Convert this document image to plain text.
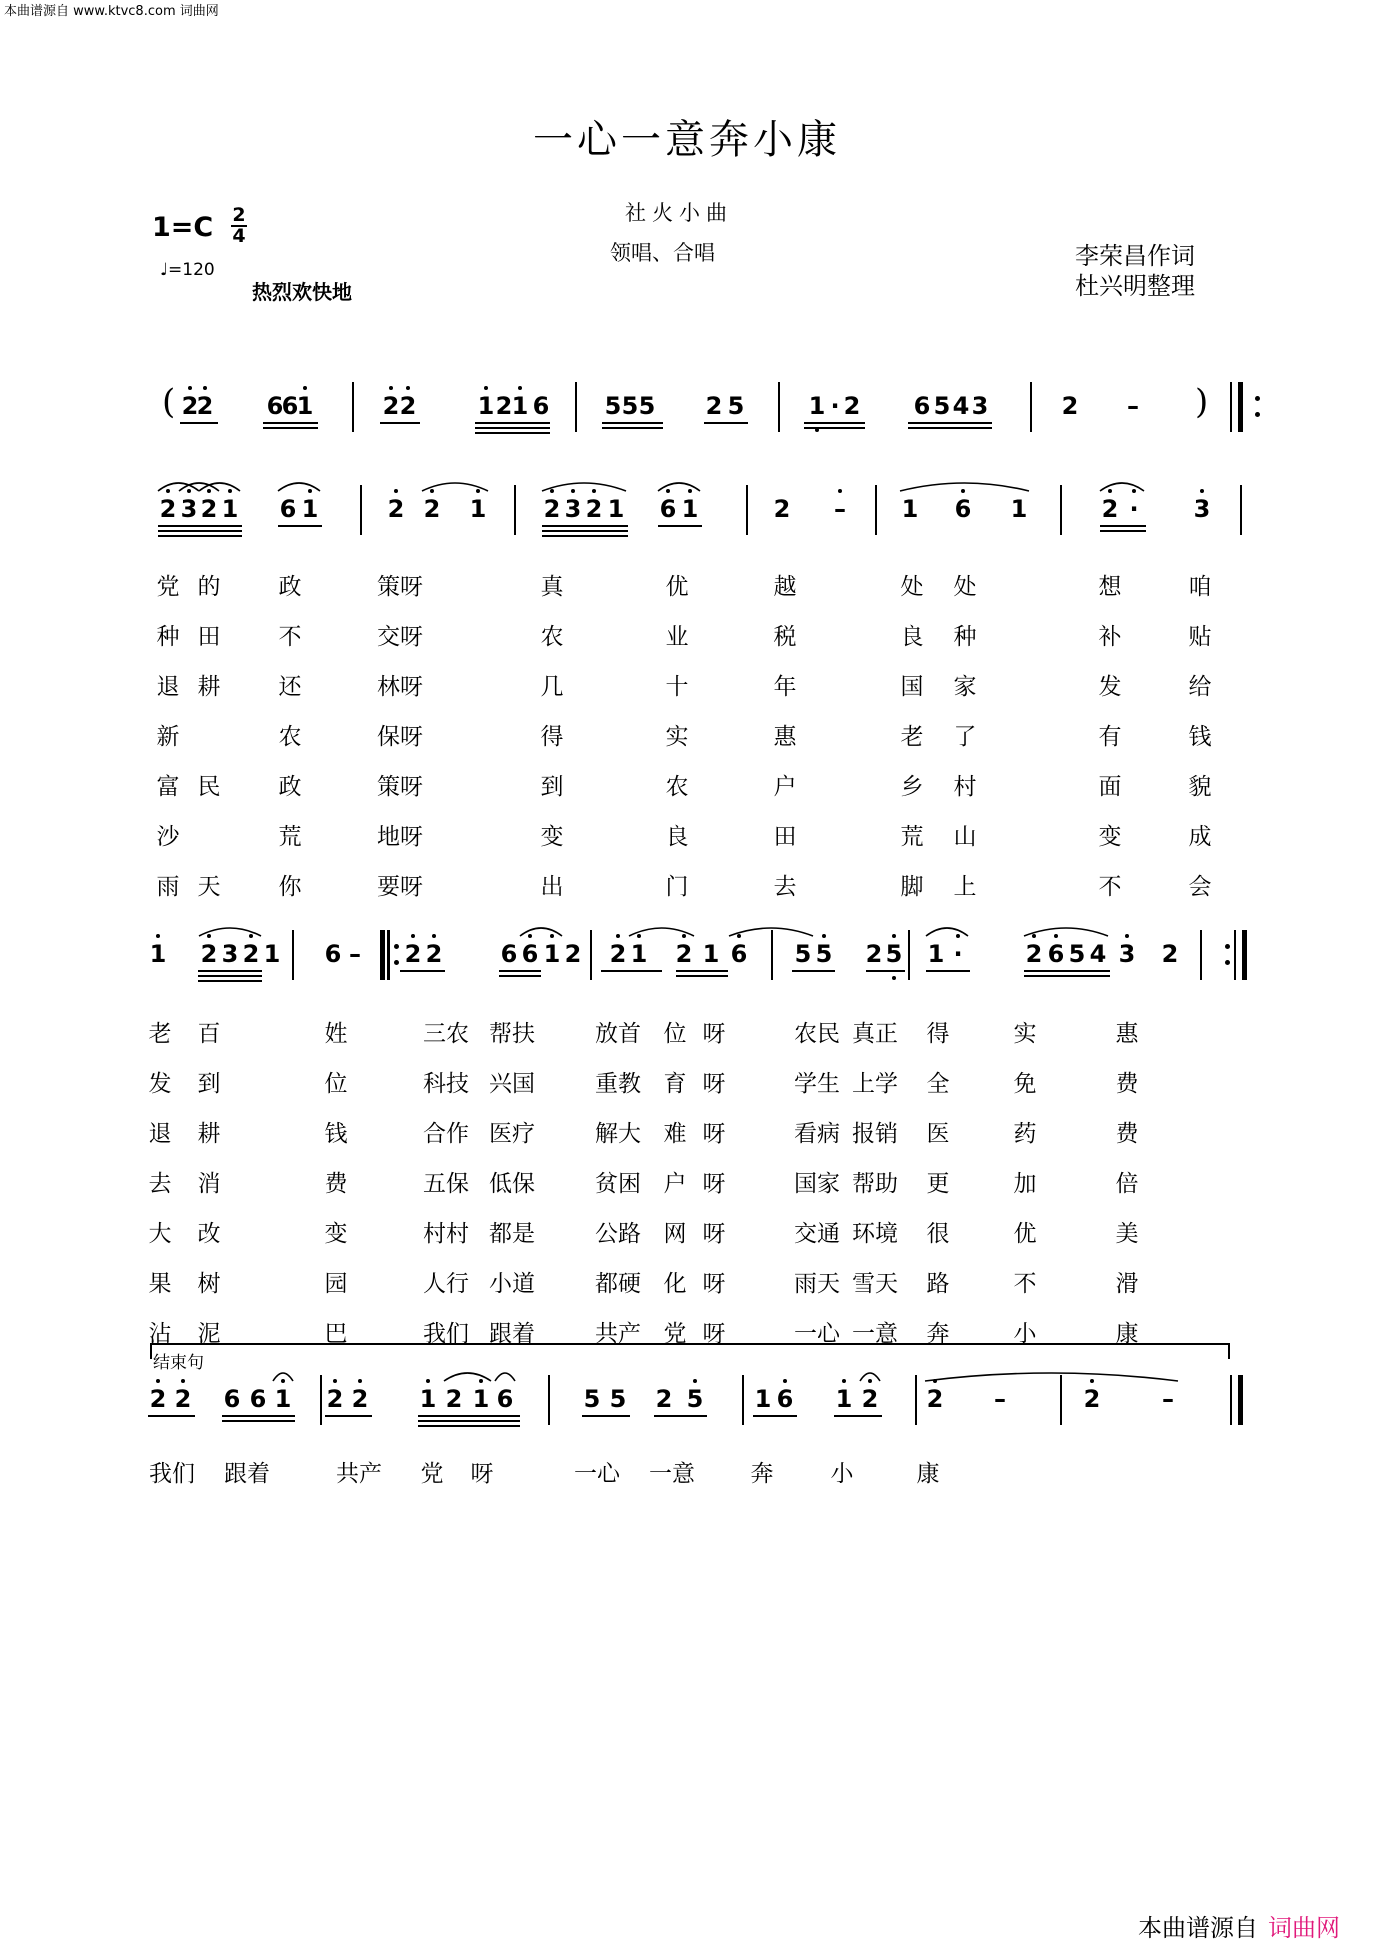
本曲谱源自 www.ktvc8.com 词曲网
一心一意奔小康
社火小曲
领唱、合唱
1=C 2
4
♩=120
热烈欢快地
李荣昌作词
杜兴明整理
2
2 6
6
1	2 2	1 2 1 6 5 5 5 2 5	1 · 2 6 5 4 3	2 –
(	)
2 3 2 1 6 1	2 2 1 2 3 2 1 6 1	2 – 1 6 1	2 · 3
党 的	政	策呀	真	优	越	处 处	想	咱
种 田	不	交呀	农	业	税	良 种	补	贴
退 耕	还	林呀	几	十	年	国 家	发	给
新	农	保呀	得	实	惠	老 了	有	钱
富 民	政	策呀	到	农	户	乡 村	面	貌
沙	荒	地呀	变	良	田	荒 山	变	成
雨 天	你	要呀	出	门	去	脚 上	不	会
1 2 3 2 1 6 – 2 2 6 6 1 2 2 1 2 1 6 5 5 2 5 1 ·	2 6 5 4 3 2
老 百	姓	三农 帮扶	放首 位 呀	农民 真正 得	实	惠
发 到	位	科技 兴国	重教 育 呀	学生 上学 全	免	费
退 耕	钱	合作 医疗	解大 难 呀	看病 报销 医	药	费
去 消	费	五保 低保	贫困 户 呀	国家 帮助 更	加	倍
大 改	变	村村 都是	公路 网 呀	交通 环境 很	优	美
果 树	园	人行 小道	都硬 化 呀	雨天 雪天 路	不	滑
沾 泥	巴	我们 跟着	共产 党 呀	一心 一意 奔	小	康
结束句
2 2 6 6 1 2 2 1 2 1 6	5 5 2 5 1 6 1 2 2 –	2	–
我们 跟着	共产 党 呀	一心 一意 奔 小	康
本曲谱源自 词曲网
